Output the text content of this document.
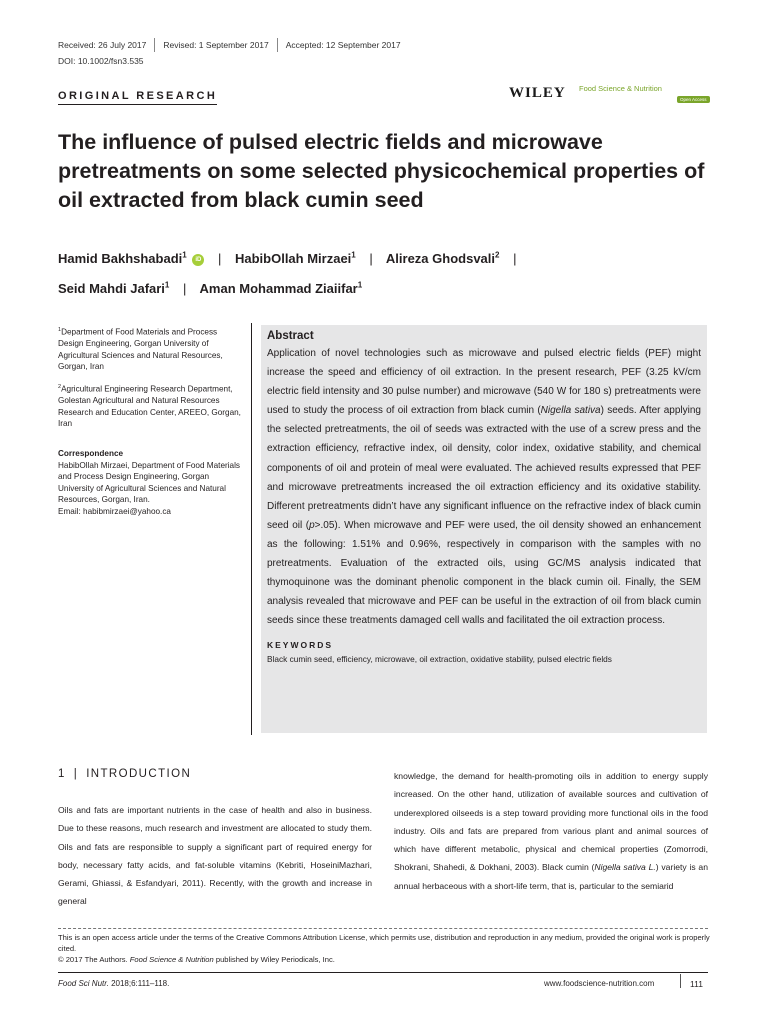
Received: 26 July 2017 Revised: 1 September 2017 Accepted: 12 September 2017
DOI: 10.1002/fsn3.535
ORIGINAL RESEARCH	WILEY Food Science & Nutrition
Open Access
The influence of pulsed electric fields and microwave pretreatments on some selected physicochemical properties of oil extracted from black cumin seed
Hamid Bakhshabadi$^1$ iD | HabibOllah Mirzaei$^1$ | Alireza Ghodsvali$^2$ |
Seid Mahdi Jafari$^1$ | Aman Mohammad Ziaiifar$^1$
$^1$Department of Food Materials and Process Design Engineering, Gorgan University of Agricultural Sciences and Natural Resources, Gorgan, Iran
$^2$Agricultural Engineering Research Department, Golestan Agricultural and Natural Resources Research and Education Center, AREEO, Gorgan, Iran
Correspondence
HabibOllah Mirzaei, Department of Food Materials and Process Design Engineering, Gorgan University of Agricultural Sciences and Natural Resources, Gorgan, Iran.
Email: habibmirzaei@yahoo.ca
Abstract
Application of novel technologies such as microwave and pulsed electric fields (PEF) might increase the speed and efficiency of oil extraction. In the present research, PEF (3.25 kV/cm electric field intensity and 30 pulse number) and microwave (540 W for 180 s) pretreatments were used to study the process of oil extraction from black cumin (Nigella sativa) seeds. After applying the selected pretreatments, the oil of seeds was extracted with the use of a screw press and the extraction efficiency, refractive index, oil density, color index, oxidative stability, and chemical components of oil and protein of meal were evaluated. The achieved results expressed that PEF and microwave pretreatments increased the oil extraction efficiency and its oxidative stability. Different pretreatments didn’t have any significant influence on the refractive index of black cumin seed oil (p>.05). When microwave and PEF were used, the oil density showed an enhancement as the following: 1.51% and 0.96%, respectively in comparison with the samples with no pretreatments. Evaluation of the extracted oils, using GC/MS analysis indicated that thymoquinone was the dominant phenolic component in the black cumin oil. Finally, the SEM analysis revealed that microwave and PEF can be useful in the extraction of oil from black cumin seeds since these treatments damaged cell walls and facilitated the oil extraction process.
KEYWORDS
Black cumin seed, efficiency, microwave, oil extraction, oxidative stability, pulsed electric fields
1 | INTRODUCTION
Oils and fats are important nutrients in the case of health and also in business. Due to these reasons, much research and investment are allocated to study them. Oils and fats are responsible to supply a significant part of required energy for body, necessary fatty acids, and fat-soluble vitamins (Kebriti, HoseiniMazhari, Gerami, Ghiassi, & Esfandyari, 2011). Recently, with the growth and increase in general
knowledge, the demand for health-promoting oils in addition to energy supply increased. On the other hand, utilization of available sources and cultivation of underexplored oilseeds is a step toward providing more functional oils in the food industry. Oils and fats are prepared from various plant and animal sources of which have different metabolic, physical and chemical properties (Zomorrodi, Shokrani, Shahedi, & Dokhani, 2003). Black cumin (Nigella sativa L.) variety is an annual herbaceous with a short-life term, that is, particular to the semiarid
This is an open access article under the terms of the Creative Commons Attribution License, which permits use, distribution and reproduction in any medium, provided the original work is properly cited.
© 2017 The Authors. Food Science & Nutrition published by Wiley Periodicals, Inc.
Food Sci Nutr. 2018;6:111–118.	www.foodscience-nutrition.com	111
